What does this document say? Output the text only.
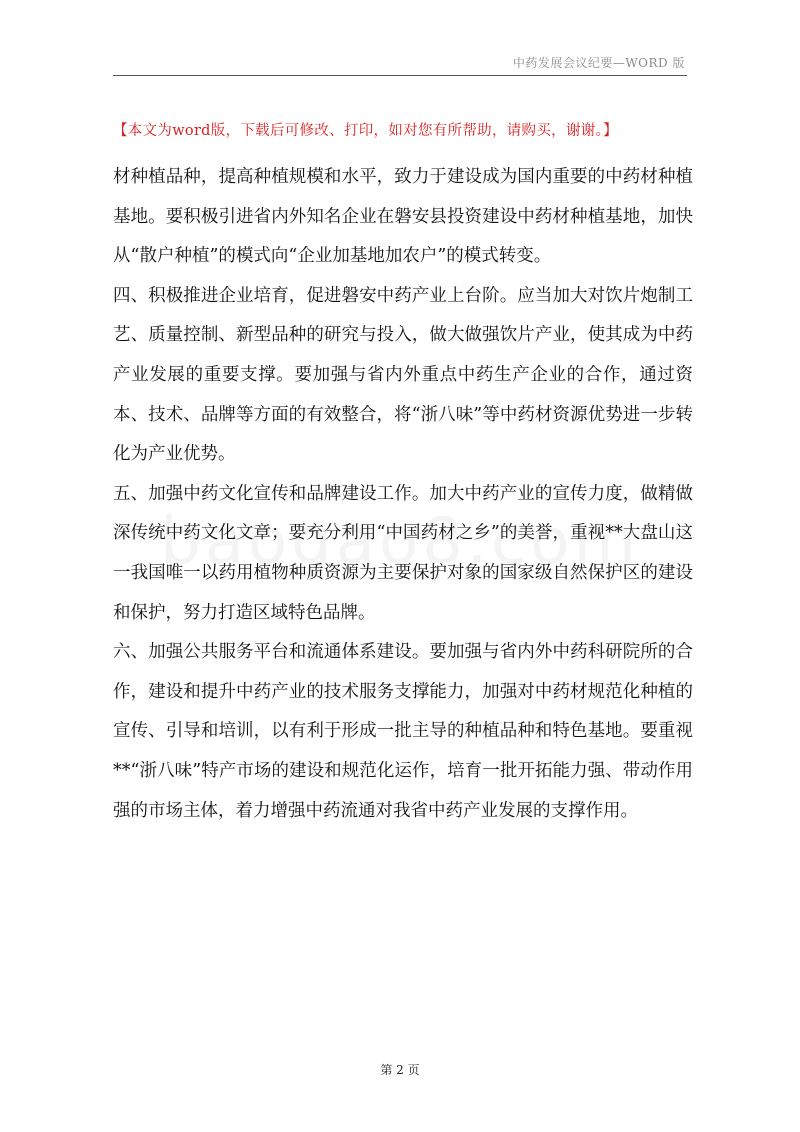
中药发展会议纪要—WORD 版
【本文为word版，下载后可修改、打印，如对您有所帮助，请购买，谢谢。】

材种植品种，提高种植规模和水平，致力于建设成为国内重要的中药材种植基地。要积极引进省内外知名企业在磐安县投资建设中药材种植基地，加快从“散户种植”的模式向“企业加基地加农户”的模式转变。

四、积极推进企业培育，促进磐安中药产业上台阶。应当加大对饮片炮制工艺、质量控制、新型品种的研究与投入，做大做强饮片产业，使其成为中药产业发展的重要支撑。要加强与省内外重点中药生产企业的合作，通过资本、技术、品牌等方面的有效整合，将“浙八味”等中药材资源优势进一步转化为产业优势。

五、加强中药文化宣传和品牌建设工作。加大中药产业的宣传力度，做精做深传统中药文化文章；要充分利用“中国药材之乡”的美誉，重视**大盘山这一我国唯一以药用植物种质资源为主要保护对象的国家级自然保护区的建设和保护，努力打造区域特色品牌。

六、加强公共服务平台和流通体系建设。要加强与省内外中药科研院所的合作，建设和提升中药产业的技术服务支撑能力，加强对中药材规范化种植的宣传、引导和培训，以有利于形成一批主导的种植品种和特色基地。要重视**“浙八味”特产市场的建设和规范化运作，培育一批开拓能力强、带动作用强的市场主体，着力增强中药流通对我省中药产业发展的支撑作用。

第 2 页
